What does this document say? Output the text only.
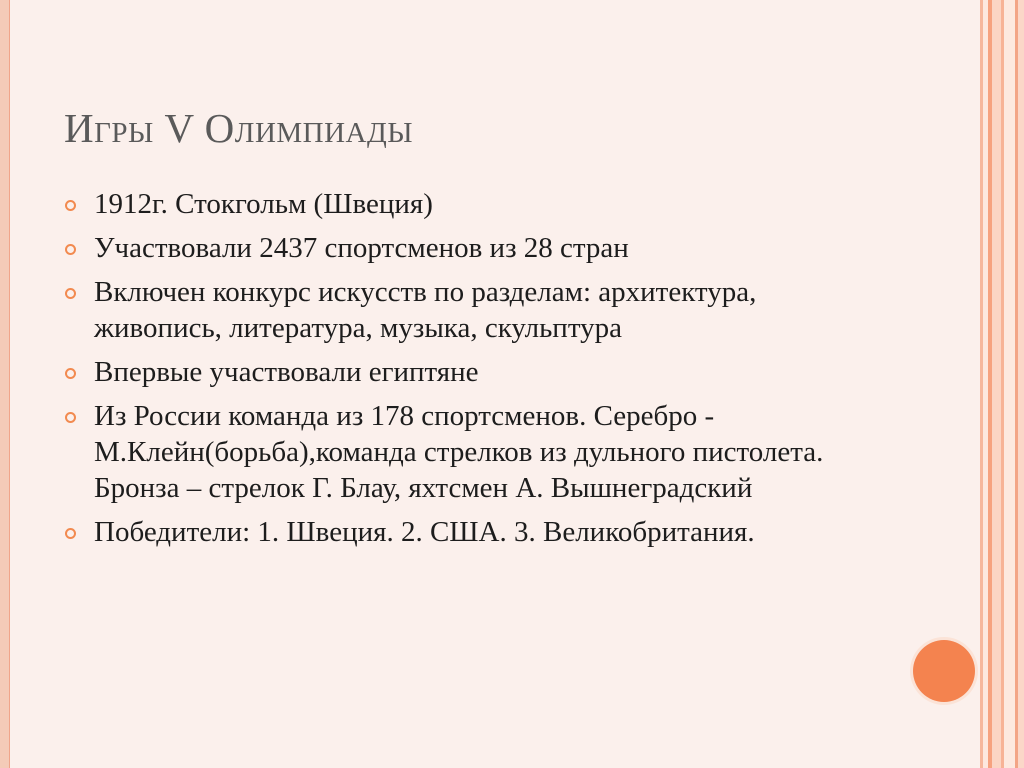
Игры V Олимпиады
1912г. Стокгольм (Швеция)
Участвовали 2437 спортсменов из 28 стран
Включен конкурс искусств по разделам: архитектура, живопись, литература, музыка, скульптура
Впервые участвовали египтяне
Из России команда из 178 спортсменов. Серебро - М.Клейн(борьба),команда стрелков из дульного пистолета. Бронза – стрелок Г. Блау, яхтсмен А. Вышнеградский
Победители: 1. Швеция. 2. США. 3. Великобритания.
